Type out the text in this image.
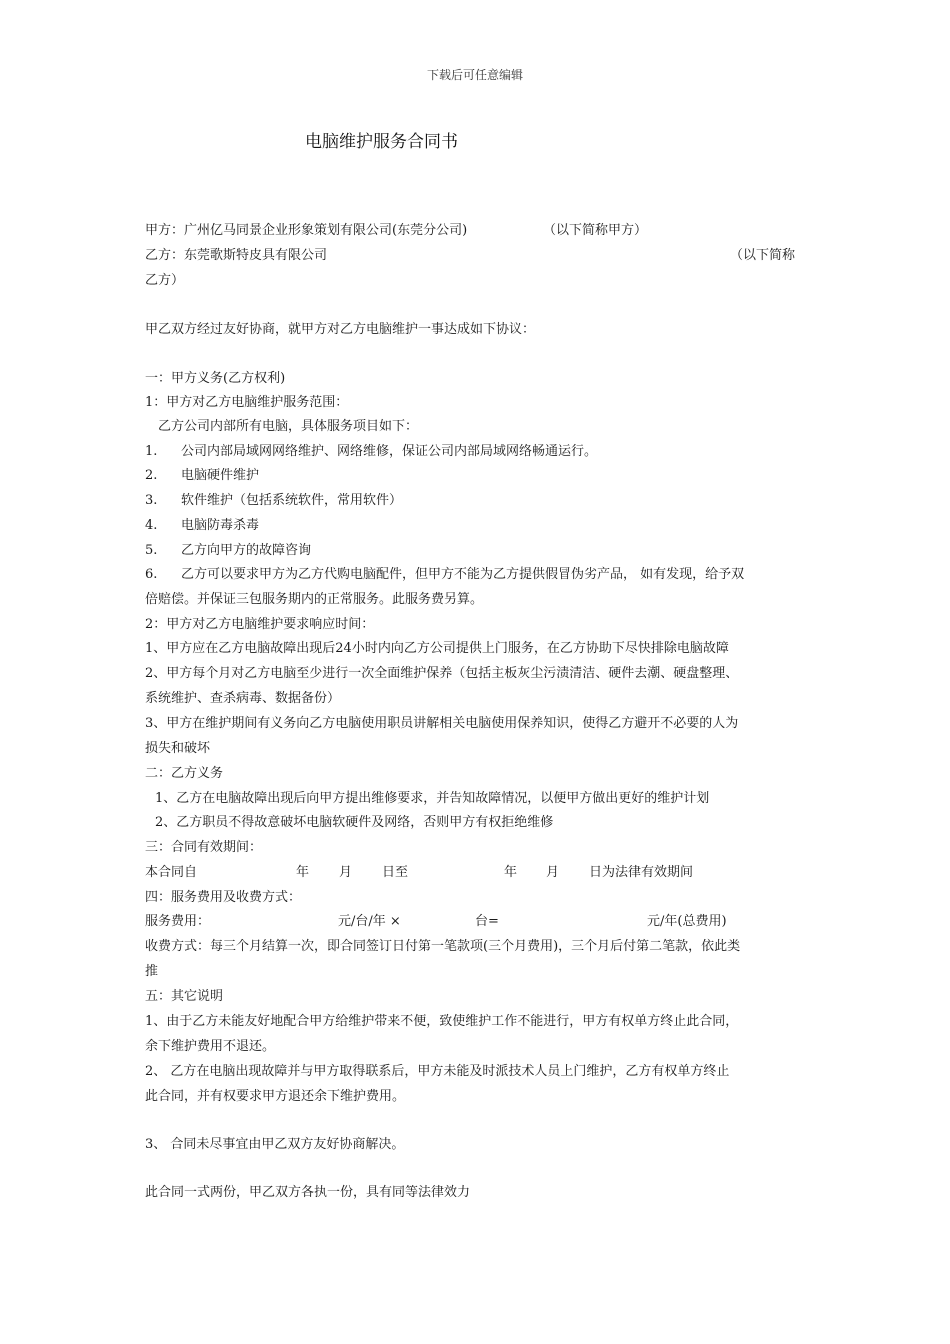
下载后可任意编辑
电脑维护服务合同书
甲方：广州亿马同景企业形象策划有限公司(东莞分公司)	（以下简称甲方）
乙方：东莞歌斯特皮具有限公司	（以下简称
乙方）
甲乙双方经过友好协商，就甲方对乙方电脑维护一事达成如下协议：
一：甲方义务(乙方权利)
1：甲方对乙方电脑维护服务范围：
乙方公司内部所有电脑，具体服务项目如下：
1. 公司内部局域网网络维护、网络维修，保证公司内部局域网络畅通运行。
2. 电脑硬件维护
3. 软件维护（包括系统软件，常用软件）
4. 电脑防毒杀毒
5. 乙方向甲方的故障咨询
6. 乙方可以要求甲方为乙方代购电脑配件，但甲方不能为乙方提供假冒伪劣产品， 如有发现，给予双
倍赔偿。并保证三包服务期内的正常服务。此服务费另算。
2：甲方对乙方电脑维护要求响应时间：
1、甲方应在乙方电脑故障出现后24小时内向乙方公司提供上门服务，在乙方协助下尽快排除电脑故障
2、甲方每个月对乙方电脑至少进行一次全面维护保养（包括主板灰尘污渍清洁、硬件去潮、硬盘整理、
系统维护、查杀病毒、数据备份）
3、甲方在维护期间有义务向乙方电脑使用职员讲解相关电脑使用保养知识，使得乙方避开不必要的人为
损失和破坏
二：乙方义务
1、乙方在电脑故障出现后向甲方提出维修要求，并告知故障情况，以便甲方做出更好的维护计划
2、乙方职员不得故意破坏电脑软硬件及网络，否则甲方有权拒绝维修
三：合同有效期间：
本合同自	年 月 日至	年 月 日为法律有效期间
四：服务费用及收费方式：
服务费用：	元/台/年 ×	台=	元/年(总费用)
收费方式：每三个月结算一次，即合同签订日付第一笔款项(三个月费用)，三个月后付第二笔款，依此类
推
五：其它说明
1、由于乙方未能友好地配合甲方给维护带来不便，致使维护工作不能进行，甲方有权单方终止此合同，
余下维护费用不退还。
2、 乙方在电脑出现故障并与甲方取得联系后，甲方未能及时派技术人员上门维护，乙方有权单方终止
此合同，并有权要求甲方退还余下维护费用。
3、 合同未尽事宜由甲乙双方友好协商解决。
此合同一式两份，甲乙双方各执一份，具有同等法律效力
